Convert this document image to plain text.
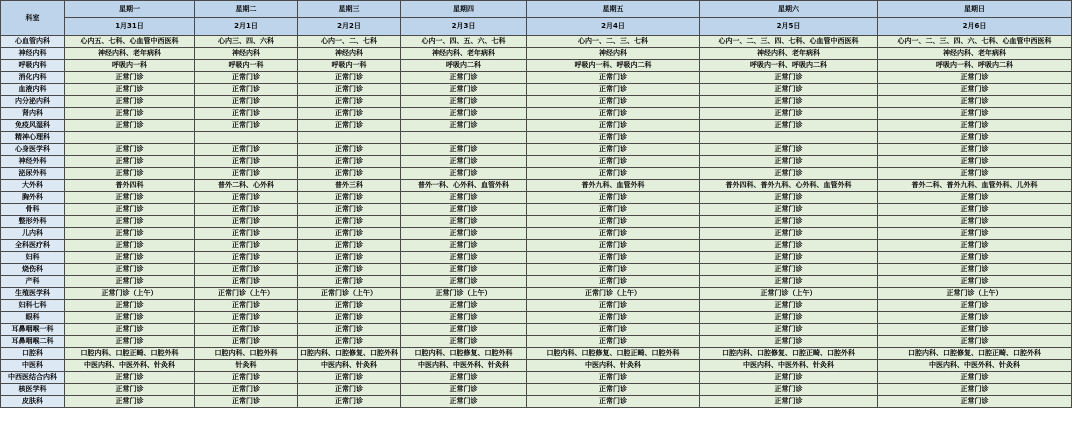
科室	星期一	星期二	星期三	星期四	星期五	星期六	星期日
	1月31日	2月1日	2月2日	2月3日	2月4日	2月5日	2月6日
心血管内科	心内五、七科、心血管中西医科	心内三、四、六科	心内一、二、七科	心内一、四、五、六、七科	心内一、二、三、七科	心内一、二、三、四、七科、心血管中西医科	心内一、二、三、四、六、七科、心血管中西医科
神经内科	神经内科、老年病科	神经内科	神经内科	神经内科、老年病科	神经内科	神经内科、老年病科	神经内科、老年病科
呼吸内科	呼吸内一科	呼吸内一科	呼吸内一科	呼吸内二科	呼吸内一科、呼吸内二科	呼吸内一科、呼吸内二科	呼吸内一科、呼吸内二科
消化内科	正常门诊	正常门诊	正常门诊	正常门诊	正常门诊	正常门诊	正常门诊
血液内科	正常门诊	正常门诊	正常门诊	正常门诊	正常门诊	正常门诊	正常门诊
内分泌内科	正常门诊	正常门诊	正常门诊	正常门诊	正常门诊	正常门诊	正常门诊
肾内科	正常门诊	正常门诊	正常门诊	正常门诊	正常门诊	正常门诊	正常门诊
免疫风湿科	正常门诊	正常门诊	正常门诊	正常门诊	正常门诊	正常门诊	正常门诊
精神心理科					正常门诊		正常门诊
心身医学科	正常门诊	正常门诊	正常门诊	正常门诊	正常门诊	正常门诊	正常门诊
神经外科	正常门诊	正常门诊	正常门诊	正常门诊	正常门诊	正常门诊	正常门诊
泌尿外科	正常门诊	正常门诊	正常门诊	正常门诊	正常门诊	正常门诊	正常门诊
大外科	普外四科	普外二科、心外科	普外三科	普外一科、心外科、血管外科	普外九科、血管外科	普外四科、普外九科、心外科、血管外科	普外二科、普外九科、血管外科、儿外科
胸外科	正常门诊	正常门诊	正常门诊	正常门诊	正常门诊	正常门诊	正常门诊
骨科	正常门诊	正常门诊	正常门诊	正常门诊	正常门诊	正常门诊	正常门诊
整形外科	正常门诊	正常门诊	正常门诊	正常门诊	正常门诊	正常门诊	正常门诊
儿内科	正常门诊	正常门诊	正常门诊	正常门诊	正常门诊	正常门诊	正常门诊
全科医疗科	正常门诊	正常门诊	正常门诊	正常门诊	正常门诊	正常门诊	正常门诊
妇科	正常门诊	正常门诊	正常门诊	正常门诊	正常门诊	正常门诊	正常门诊
烧伤科	正常门诊	正常门诊	正常门诊	正常门诊	正常门诊	正常门诊	正常门诊
产科	正常门诊	正常门诊	正常门诊	正常门诊	正常门诊	正常门诊	正常门诊
生殖医学科	正常门诊（上午）	正常门诊（上午）	正常门诊（上午）	正常门诊（上午）	正常门诊（上午）	正常门诊（上午）	正常门诊（上午）
妇科七科	正常门诊	正常门诊	正常门诊	正常门诊	正常门诊	正常门诊	正常门诊
眼科	正常门诊	正常门诊	正常门诊	正常门诊	正常门诊	正常门诊	正常门诊
耳鼻咽喉一科	正常门诊	正常门诊	正常门诊	正常门诊	正常门诊	正常门诊	正常门诊
耳鼻咽喉二科	正常门诊	正常门诊	正常门诊	正常门诊	正常门诊	正常门诊	正常门诊
口腔科	口腔内科、口腔正畸、口腔外科	口腔内科、口腔外科	口腔内科、口腔修复、口腔外科	口腔内科、口腔修复、口腔外科	口腔内科、口腔修复、口腔正畸、口腔外科	口腔内科、口腔修复、口腔正畸、口腔外科	口腔内科、口腔修复、口腔正畸、口腔外科
中医科	中医内科、中医外科、针灸科	针灸科	中医内科、针灸科	中医内科、中医外科、针灸科	中医内科、针灸科	中医内科、中医外科、针灸科	中医内科、中医外科、针灸科
中西医结合内科	正常门诊	正常门诊	正常门诊	正常门诊	正常门诊	正常门诊	正常门诊
核医学科	正常门诊	正常门诊	正常门诊	正常门诊	正常门诊	正常门诊	正常门诊
皮肤科	正常门诊	正常门诊	正常门诊	正常门诊	正常门诊	正常门诊	正常门诊
